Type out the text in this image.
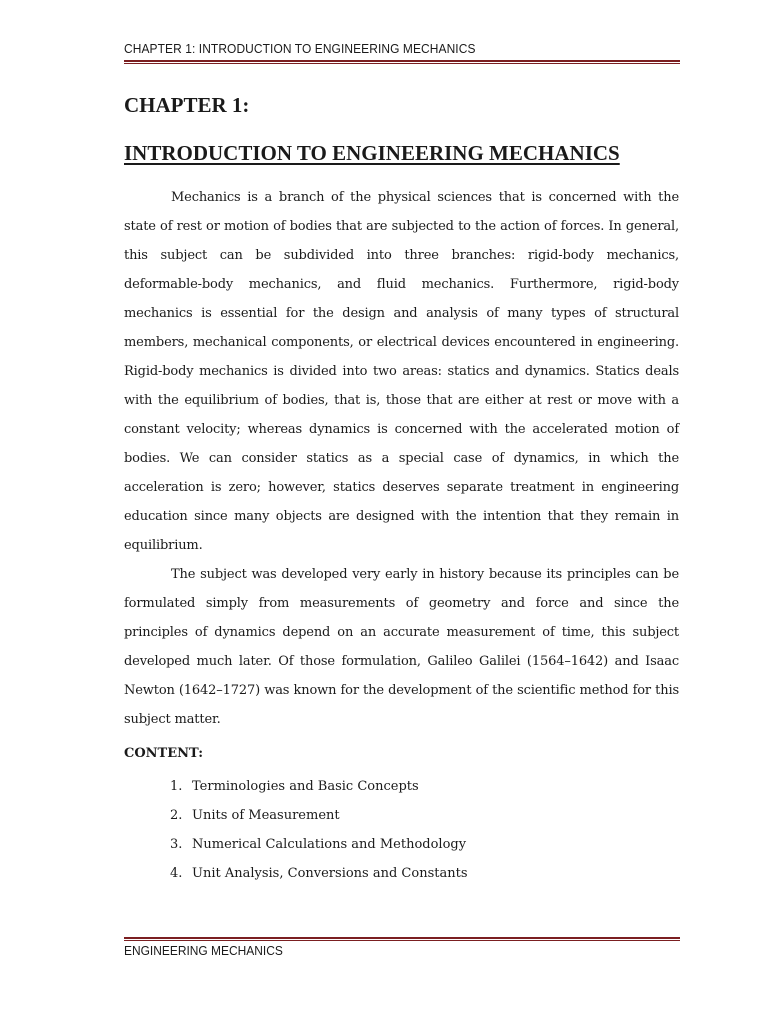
CHAPTER 1: INTRODUCTION TO ENGINEERING MECHANICS
CHAPTER 1:
INTRODUCTION TO ENGINEERING MECHANICS

Mechanics is a branch of the physical sciences that is concerned with the state of rest or motion of bodies that are subjected to the action of forces. In general, this subject can be subdivided into three branches: rigid-body mechanics, deformable-body mechanics, and fluid mechanics. Furthermore, rigid-body mechanics is essential for the design and analysis of many types of structural members, mechanical components, or electrical devices encountered in engineering. Rigid-body mechanics is divided into two areas: statics and dynamics. Statics deals with the equilibrium of bodies, that is, those that are either at rest or move with a constant velocity; whereas dynamics is concerned with the accelerated motion of bodies. We can consider statics as a special case of dynamics, in which the acceleration is zero; however, statics deserves separate treatment in engineering education since many objects are designed with the intention that they remain in equilibrium.

The subject was developed very early in history because its principles can be formulated simply from measurements of geometry and force and since the principles of dynamics depend on an accurate measurement of time, this subject developed much later. Of those formulation, Galileo Galilei (1564–1642) and Isaac Newton (1642–1727) was known for the development of the scientific method for this subject matter.

CONTENT:
1. Terminologies and Basic Concepts
2. Units of Measurement
3. Numerical Calculations and Methodology
4. Unit Analysis, Conversions and Constants
ENGINEERING MECHANICS
